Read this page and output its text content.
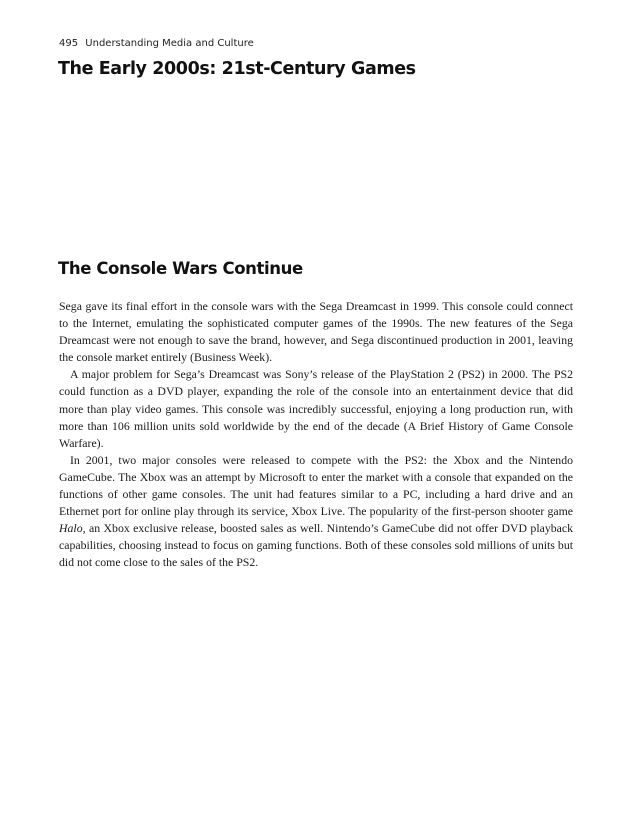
495 Understanding Media and Culture
The Early 2000s: 21st-Century Games
The Console Wars Continue

Sega gave its final effort in the console wars with the Sega Dreamcast in 1999. This console could connect to the Internet, emulating the sophisticated computer games of the 1990s. The new features of the Sega Dreamcast were not enough to save the brand, however, and Sega discontinued production in 2001, leaving the console market entirely (Business Week).

A major problem for Sega’s Dreamcast was Sony’s release of the PlayStation 2 (PS2) in 2000. The PS2 could function as a DVD player, expanding the role of the console into an entertainment device that did more than play video games. This console was incredibly successful, enjoying a long production run, with more than 106 million units sold worldwide by the end of the decade (A Brief History of Game Console Warfare).

In 2001, two major consoles were released to compete with the PS2: the Xbox and the Nintendo GameCube. The Xbox was an attempt by Microsoft to enter the market with a console that expanded on the functions of other game consoles. The unit had features similar to a PC, including a hard drive and an Ethernet port for online play through its service, Xbox Live. The popularity of the first-person shooter game Halo, an Xbox exclusive release, boosted sales as well. Nintendo’s GameCube did not offer DVD playback capabilities, choosing instead to focus on gaming functions. Both of these consoles sold millions of units but did not come close to the sales of the PS2.
